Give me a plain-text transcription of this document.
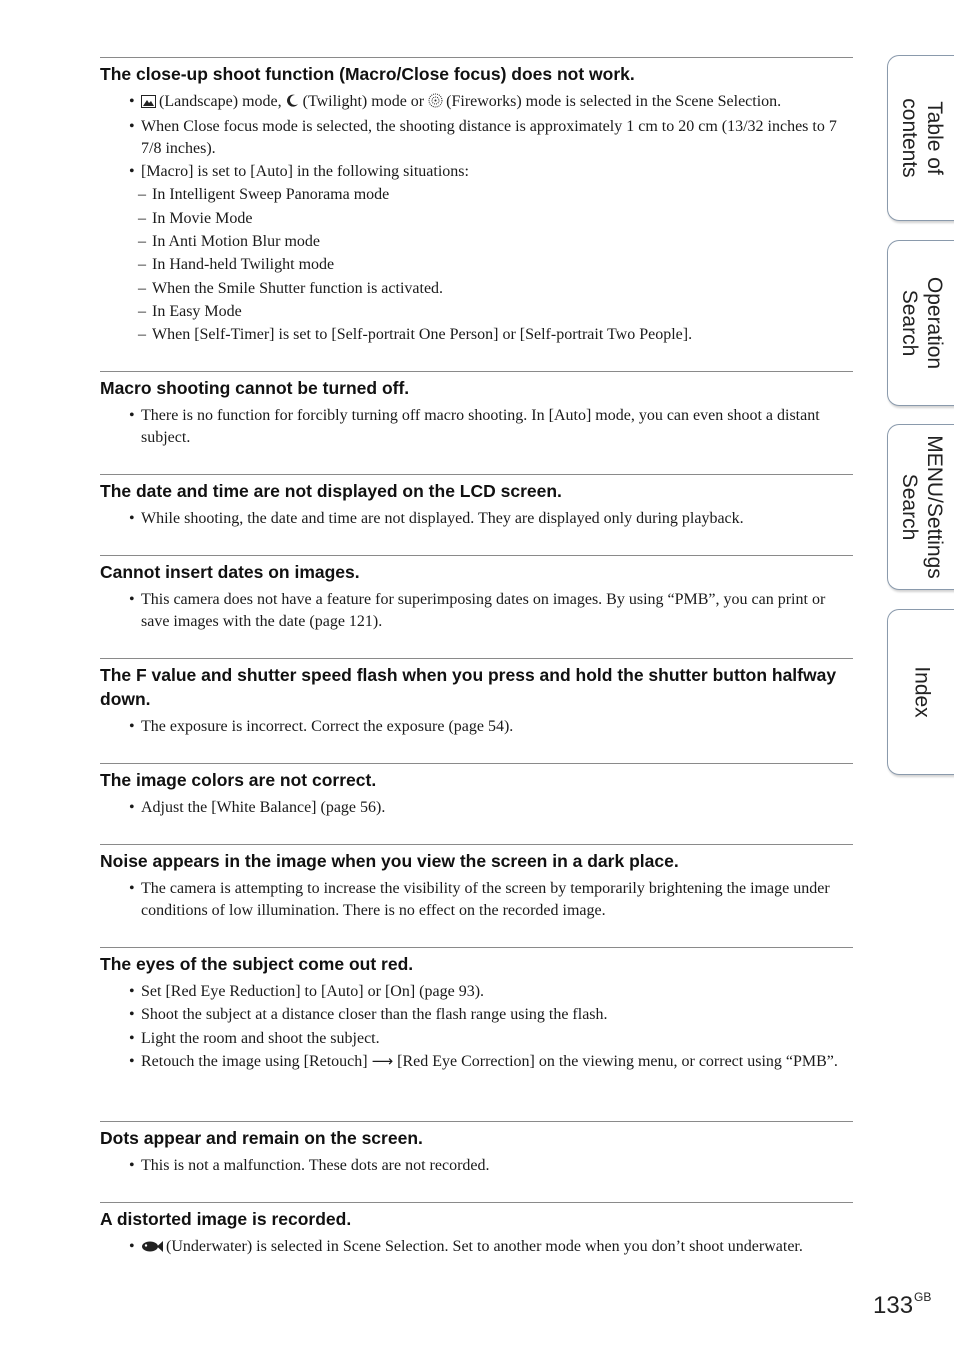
Table of
contents
Operation
Search
MENU/Settings
Search
Index
The close-up shoot function (Macro/Close focus) does not work.
• (Landscape) mode, (Twilight) mode or (Fireworks) mode is selected in the Scene Selection.
• When Close focus mode is selected, the shooting distance is approximately 1 cm to 20 cm (13/32 inches to 7 7/8 inches).
• [Macro] is set to [Auto] in the following situations:
– In Intelligent Sweep Panorama mode
– In Movie Mode
– In Anti Motion Blur mode
– In Hand-held Twilight mode
– When the Smile Shutter function is activated.
– In Easy Mode
– When [Self-Timer] is set to [Self-portrait One Person] or [Self-portrait Two People].
Macro shooting cannot be turned off.
• There is no function for forcibly turning off macro shooting. In [Auto] mode, you can even shoot a distant subject.
The date and time are not displayed on the LCD screen.
• While shooting, the date and time are not displayed. They are displayed only during playback.
Cannot insert dates on images.
• This camera does not have a feature for superimposing dates on images. By using “PMB”, you can print or save images with the date (page 121).
The F value and shutter speed flash when you press and hold the shutter button halfway down.
• The exposure is incorrect. Correct the exposure (page 54).
The image colors are not correct.
• Adjust the [White Balance] (page 56).
Noise appears in the image when you view the screen in a dark place.
• The camera is attempting to increase the visibility of the screen by temporarily brightening the image under conditions of low illumination. There is no effect on the recorded image.
The eyes of the subject come out red.
• Set [Red Eye Reduction] to [Auto] or [On] (page 93).
• Shoot the subject at a distance closer than the flash range using the flash.
• Light the room and shoot the subject.
• Retouch the image using [Retouch] ⟶ [Red Eye Correction] on the viewing menu, or correct using “PMB”.
Dots appear and remain on the screen.
• This is not a malfunction. These dots are not recorded.
A distorted image is recorded.
• (Underwater) is selected in Scene Selection. Set to another mode when you don’t shoot underwater.
$133^{GB}$
